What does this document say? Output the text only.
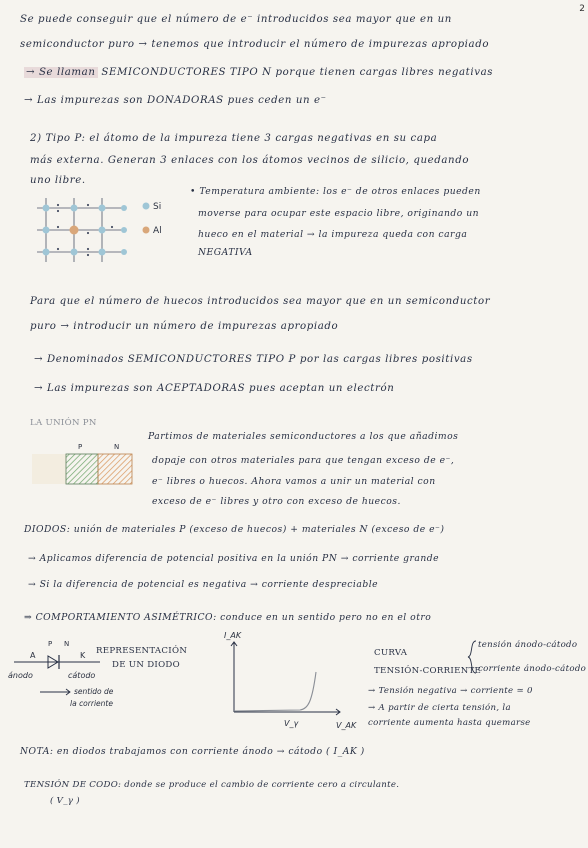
2
Se puede conseguir que el número de e⁻ introducidos sea mayor que en un
semiconductor puro → tenemos que introducir el número de impurezas apropiado
→ Se llaman SEMICONDUCTORES TIPO N porque tienen cargas libres negativas
→ Las impurezas son DONADORAS pues ceden un e⁻
2) Tipo P: el átomo de la impureza tiene 3 cargas negativas en su capa
más externa. Generan 3 enlaces con los átomos vecinos de silicio, quedando
uno libre.
Si
Al
• Temperatura ambiente: los e⁻ de otros enlaces pueden
moverse para ocupar este espacio libre, originando un
hueco en el material → la impureza queda con carga
NEGATIVA
Para que el número de huecos introducidos sea mayor que en un semiconductor
puro → introducir un número de impurezas apropiado
→ Denominados SEMICONDUCTORES TIPO P por las cargas libres positivas
→ Las impurezas son ACEPTADORAS pues aceptan un electrón
LA UNIÓN PN
P	N
Partimos de materiales semiconductores a los que añadimos
dopaje con otros materiales para que tengan exceso de e⁻,
e⁻ libres o huecos. Ahora vamos a unir un material con
exceso de e⁻ libres y otro con exceso de huecos.
DIODOS: unión de materiales P (exceso de huecos) + materiales N (exceso de e⁻)
→ Aplicamos diferencia de potencial positiva en la unión PN → corriente grande
→ Si la diferencia de potencial es negativa → corriente despreciable
⇒ COMPORTAMIENTO ASIMÉTRICO: conduce en un sentido pero no en el otro
P N
A	K
ánodo	cátodo
sentido de
la corriente
REPRESENTACIÓN
DE UN DIODO
I_AK
V_AK
V_γ
CURVA
TENSIÓN-CORRIENTE
tensión ánodo-cátodo
corriente ánodo-cátodo
→ Tensión negativa → corriente ≃ 0
→ A partir de cierta tensión, la
corriente aumenta hasta quemarse
NOTA: en diodos trabajamos con corriente ánodo → cátodo ( I_AK )
TENSIÓN DE CODO: donde se produce el cambio de corriente cero a circulante.
( V_γ )
